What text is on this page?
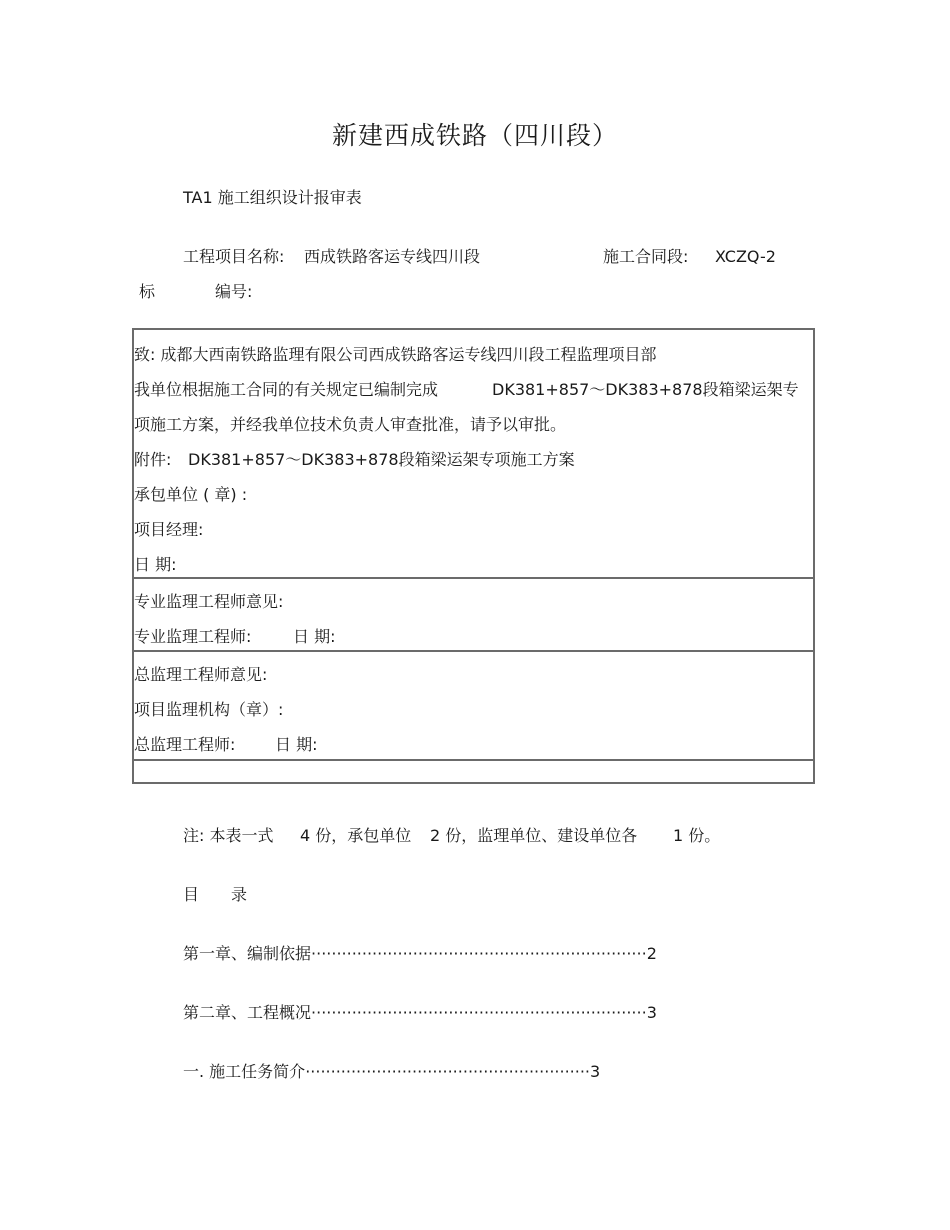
新建西成铁路（四川段）
TA1 施工组织设计报审表
工程项目名称: 西成铁路客运专线四川段	施工合同段: XCZQ-2
标	编号:
致: 成都大西南铁路监理有限公司西成铁路客运专线四川段工程监理项目部
我单位根据施工合同的有关规定已编制完成	DK381+857～DK383+878段箱梁运架专
项施工方案，并经我单位技术负责人审查批准，请予以审批。
附件: DK381+857～DK383+878段箱梁运架专项施工方案
承包单位 ( 章) :
项目经理:
日 期:
专业监理工程师意见:
专业监理工程师:	日 期:
总监理工程师意见:
项目监理机构（章）:
总监理工程师: 日 期:
注: 本表一式 4 份，承包单位 2 份，监理单位、建设单位各 1 份。
目 录
第一章、编制依据··································································2
第二章、工程概况··································································3
一. 施工任务简介························································3
